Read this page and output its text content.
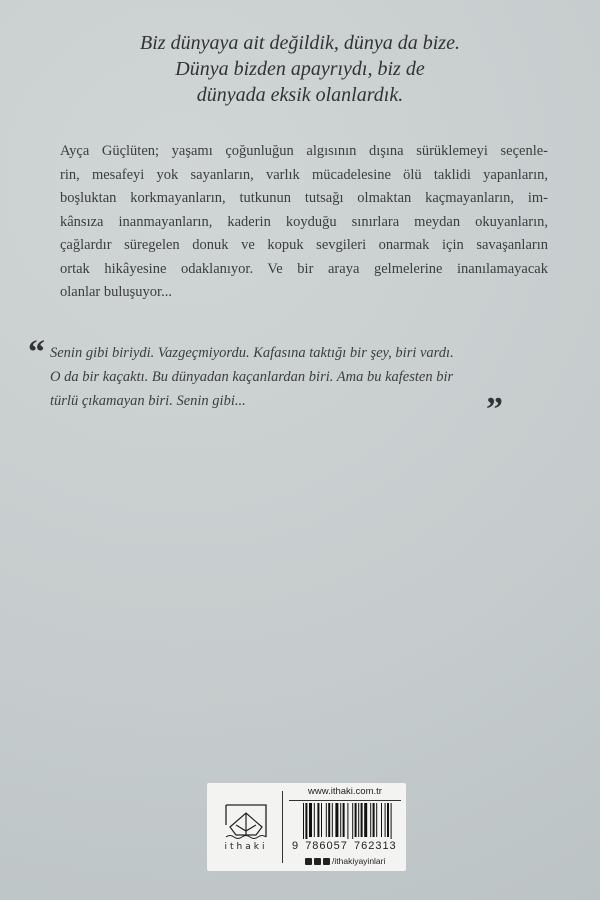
Biz dünyaya ait değildik, dünya da bize.
Dünya bizden apayrıydı, biz de
dünyada eksik olanlardık.
Ayça Güçlüten; yaşamı çoğunluğun algısının dışına sürüklemeyi seçenle-
rin, mesafeyi yok sayanların, varlık mücadelesine ölü taklidi yapanların,
boşluktan korkmayanların, tutkunun tutsağı olmaktan kaçmayanların, im-
kânsıza inanmayanların, kaderin koyduğu sınırlara meydan okuyanların,
çağlardır süregelen donuk ve kopuk sevgileri onarmak için savaşanların
ortak hikâyesine odaklanıyor. Ve bir araya gelmelerine inanılamayacak
olanlar buluşuyor...
“ Senin gibi biriydi. Vazgeçmiyordu. Kafasına taktığı bir şey, biri vardı.
O da bir kaçaktı. Bu dünyadan kaçanlardan biri. Ama bu kafesten bir
türlü çıkamayan biri. Senin gibi...	”
ithaki
www.ithaki.com.tr
9 786057 762313
/ithakiyayinlari
